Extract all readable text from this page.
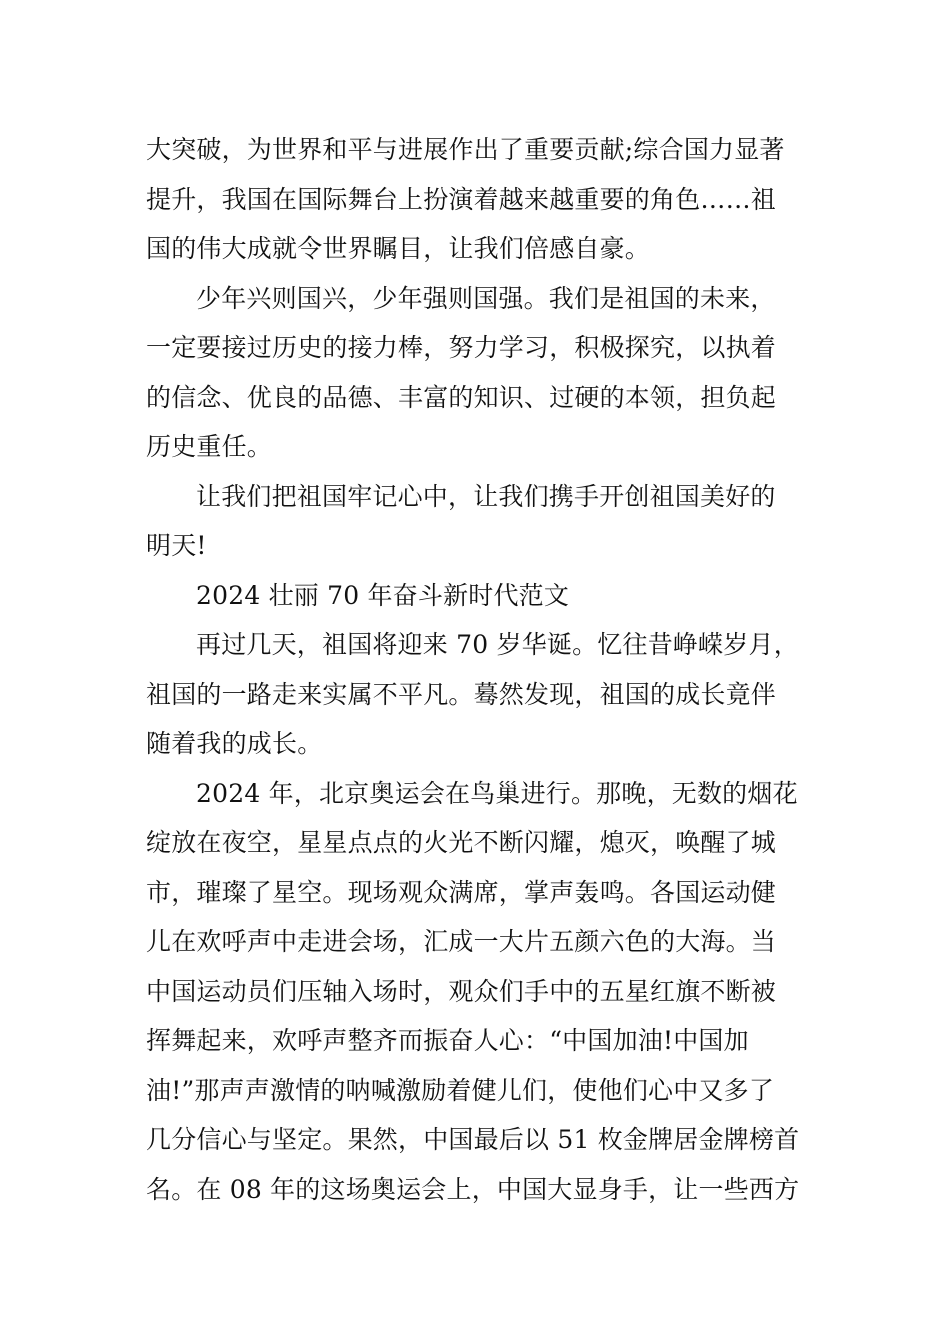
大突破，为世界和平与进展作出了重要贡献;综合国力显著
提升，我国在国际舞台上扮演着越来越重要的角色……祖
国的伟大成就令世界瞩目，让我们倍感自豪。
少年兴则国兴，少年强则国强。我们是祖国的未来，
一定要接过历史的接力棒，努力学习，积极探究，以执着
的信念、优良的品德、丰富的知识、过硬的本领，担负起
历史重任。
让我们把祖国牢记心中，让我们携手开创祖国美好的
明天!
2024 壮丽 70 年奋斗新时代范文
再过几天，祖国将迎来 70 岁华诞。忆往昔峥嵘岁月，
祖国的一路走来实属不平凡。蓦然发现，祖国的成长竟伴
随着我的成长。
2024 年，北京奥运会在鸟巢进行。那晚，无数的烟花
绽放在夜空，星星点点的火光不断闪耀，熄灭，唤醒了城
市，璀璨了星空。现场观众满席，掌声轰鸣。各国运动健
儿在欢呼声中走进会场，汇成一大片五颜六色的大海。当
中国运动员们压轴入场时，观众们手中的五星红旗不断被
挥舞起来，欢呼声整齐而振奋人心：“中国加油!中国加
油!”那声声激情的呐喊激励着健儿们，使他们心中又多了
几分信心与坚定。果然，中国最后以 51 枚金牌居金牌榜首
名。在 08 年的这场奥运会上，中国大显身手，让一些西方
